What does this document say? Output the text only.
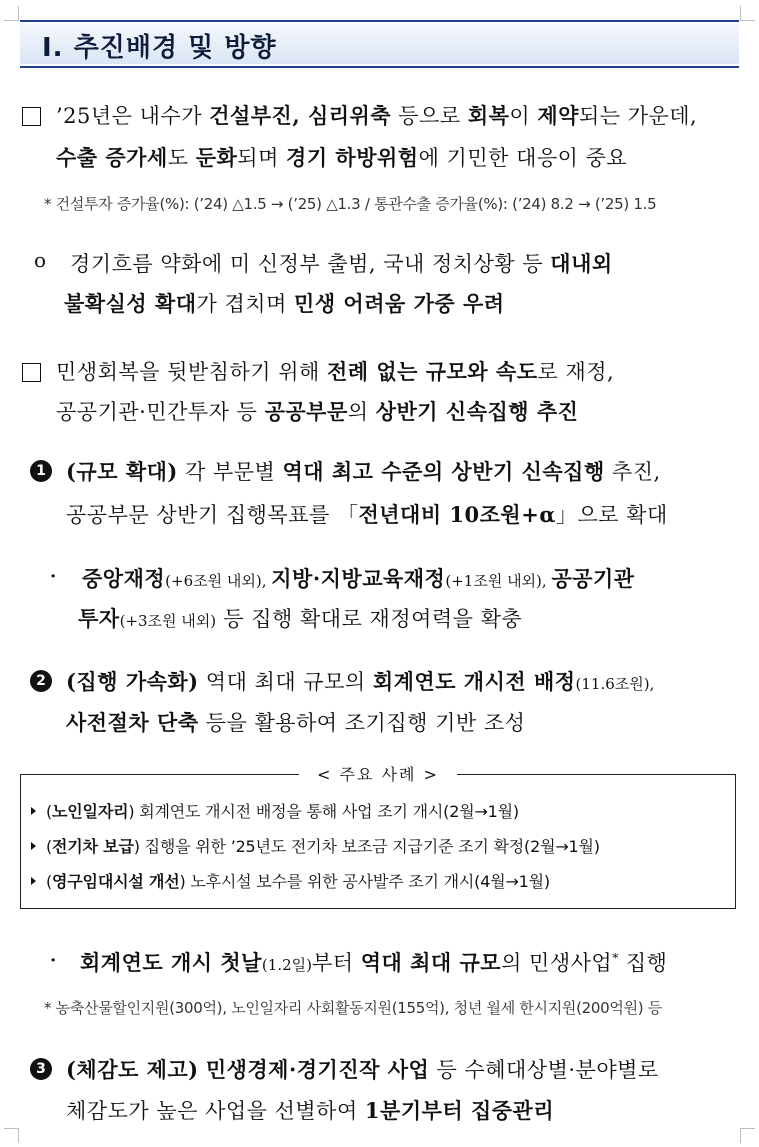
Ⅰ. 추진배경 및 방향
’25년은 내수가 건설부진, 심리위축 등으로 회복이 제약되는 가운데,
수출 증가세도 둔화되며 경기 하방위험에 기민한 대응이 중요
* 건설투자 증가율(%): (’24) △1.5 → (’25) △1.3 / 통관수출 증가율(%): (’24) 8.2 → (’25) 1.5
o 경기흐름 약화에 미 신정부 출범, 국내 정치상황 등 대내외
불확실성 확대가 겹치며 민생 어려움 가중 우려
민생회복을 뒷받침하기 위해 전례 없는 규모와 속도로 재정,
공공기관·민간투자 등 공공부문의 상반기 신속집행 추진
1 (규모 확대) 각 부문별 역대 최고 수준의 상반기 신속집행 추진,
공공부문 상반기 집행목표를 「전년대비 10조원+α」으로 확대
· 중앙재정(+6조원 내외), 지방·지방교육재정(+1조원 내외), 공공기관
투자(+3조원 내외) 등 집행 확대로 재정여력을 확충
2 (집행 가속화) 역대 최대 규모의 회계연도 개시전 배정(11.6조원),
사전절차 단축 등을 활용하여 조기집행 기반 조성
< 주요 사례 >
(노인일자리) 회계연도 개시전 배정을 통해 사업 조기 개시(2월→1월)
(전기차 보급) 집행을 위한 ’25년도 전기차 보조금 지급기준 조기 확정(2월→1월)
(영구임대시설 개선) 노후시설 보수를 위한 공사발주 조기 개시(4월→1월)
· 회계연도 개시 첫날(1.2일)부터 역대 최대 규모의 민생사업* 집행
* 농축산물할인지원(300억), 노인일자리 사회활동지원(155억), 청년 월세 한시지원(200억원) 등
3 (체감도 제고) 민생경제·경기진작 사업 등 수혜대상별·분야별로
체감도가 높은 사업을 선별하여 1분기부터 집중관리
